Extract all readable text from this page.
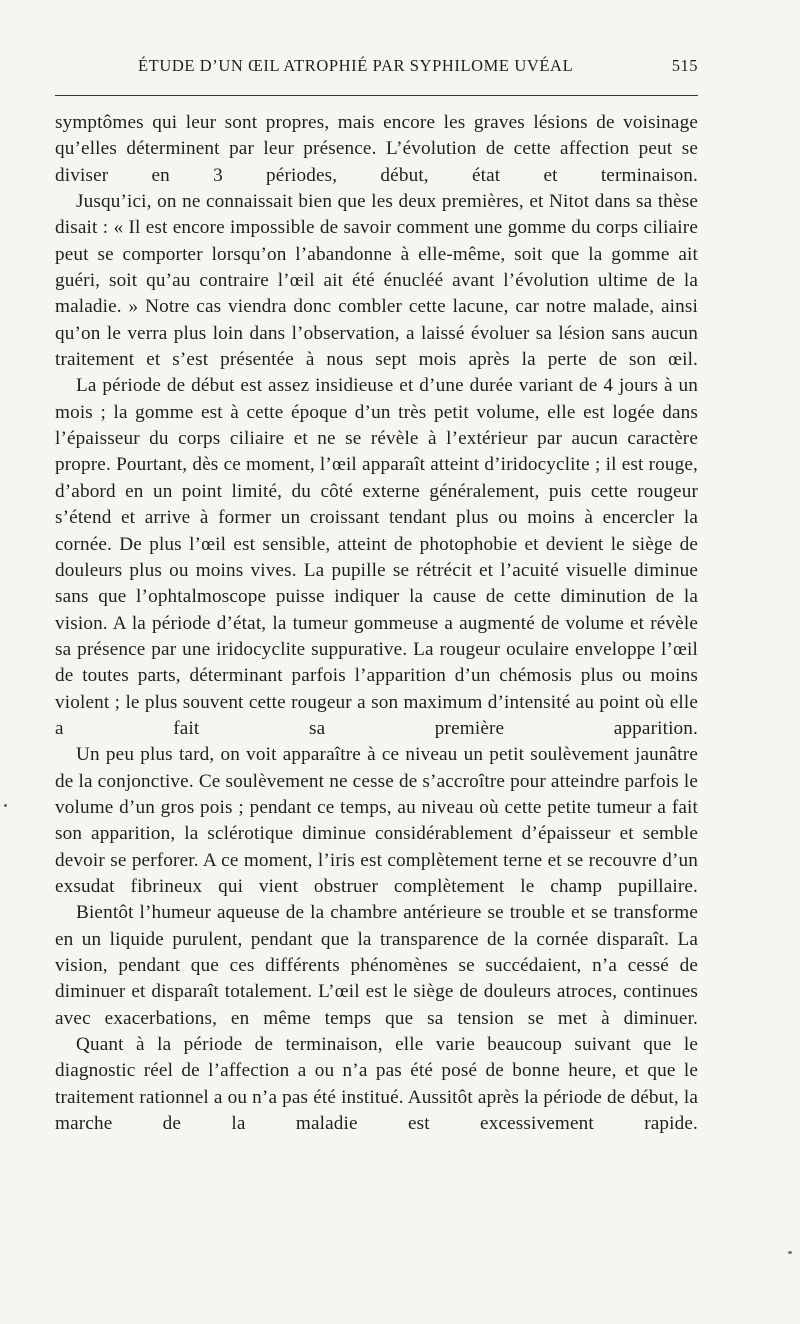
ÉTUDE D’UN ŒIL ATROPHIÉ PAR SYPHILOME UVÉAL	515

symptômes qui leur sont propres, mais encore les graves lésions de voisinage qu’elles déterminent par leur présence. L’évolution de cette affection peut se diviser en 3 périodes, début, état et terminaison.

Jusqu’ici, on ne connaissait bien que les deux premières, et Nitot dans sa thèse disait : « Il est encore impossible de savoir comment une gomme du corps ciliaire peut se comporter lorsqu’on l’abandonne à elle-même, soit que la gomme ait guéri, soit qu’au contraire l’œil ait été énucléé avant l’évolution ultime de la maladie. » Notre cas viendra donc combler cette lacune, car notre malade, ainsi qu’on le verra plus loin dans l’observation, a laissé évoluer sa lésion sans aucun traitement et s’est présentée à nous sept mois après la perte de son œil.

La période de début est assez insidieuse et d’une durée variant de 4 jours à un mois ; la gomme est à cette époque d’un très petit volume, elle est logée dans l’épaisseur du corps ciliaire et ne se révèle à l’extérieur par aucun caractère propre. Pourtant, dès ce moment, l’œil apparaît atteint d’iridocyclite ; il est rouge, d’abord en un point limité, du côté externe généralement, puis cette rougeur s’étend et arrive à former un croissant tendant plus ou moins à encercler la cornée. De plus l’œil est sensible, atteint de photophobie et devient le siège de douleurs plus ou moins vives. La pupille se rétrécit et l’acuité visuelle diminue sans que l’ophtalmoscope puisse indiquer la cause de cette diminution de la vision. A la période d’état, la tumeur gommeuse a augmenté de volume et révèle sa présence par une iridocyclite suppurative. La rougeur oculaire enveloppe l’œil de toutes parts, déterminant parfois l’apparition d’un chémosis plus ou moins violent ; le plus souvent cette rougeur a son maximum d’intensité au point où elle a fait sa première apparition.

Un peu plus tard, on voit apparaître à ce niveau un petit soulèvement jaunâtre de la conjonctive. Ce soulèvement ne cesse de s’accroître pour atteindre parfois le volume d’un gros pois ; pendant ce temps, au niveau où cette petite tumeur a fait son apparition, la sclérotique diminue considérablement d’épaisseur et semble devoir se perforer. A ce moment, l’iris est complètement terne et se recouvre d’un exsudat fibrineux qui vient obstruer complètement le champ pupillaire.

Bientôt l’humeur aqueuse de la chambre antérieure se trouble et se transforme en un liquide purulent, pendant que la transparence de la cornée disparaît. La vision, pendant que ces différents phénomènes se succédaient, n’a cessé de diminuer et disparaît totalement. L’œil est le siège de douleurs atroces, continues avec exacerbations, en même temps que sa tension se met à diminuer.

Quant à la période de terminaison, elle varie beaucoup suivant que le diagnostic réel de l’affection a ou n’a pas été posé de bonne heure, et que le traitement rationnel a ou n’a pas été institué. Aussitôt après la période de début, la marche de la maladie est excessivement rapide.
